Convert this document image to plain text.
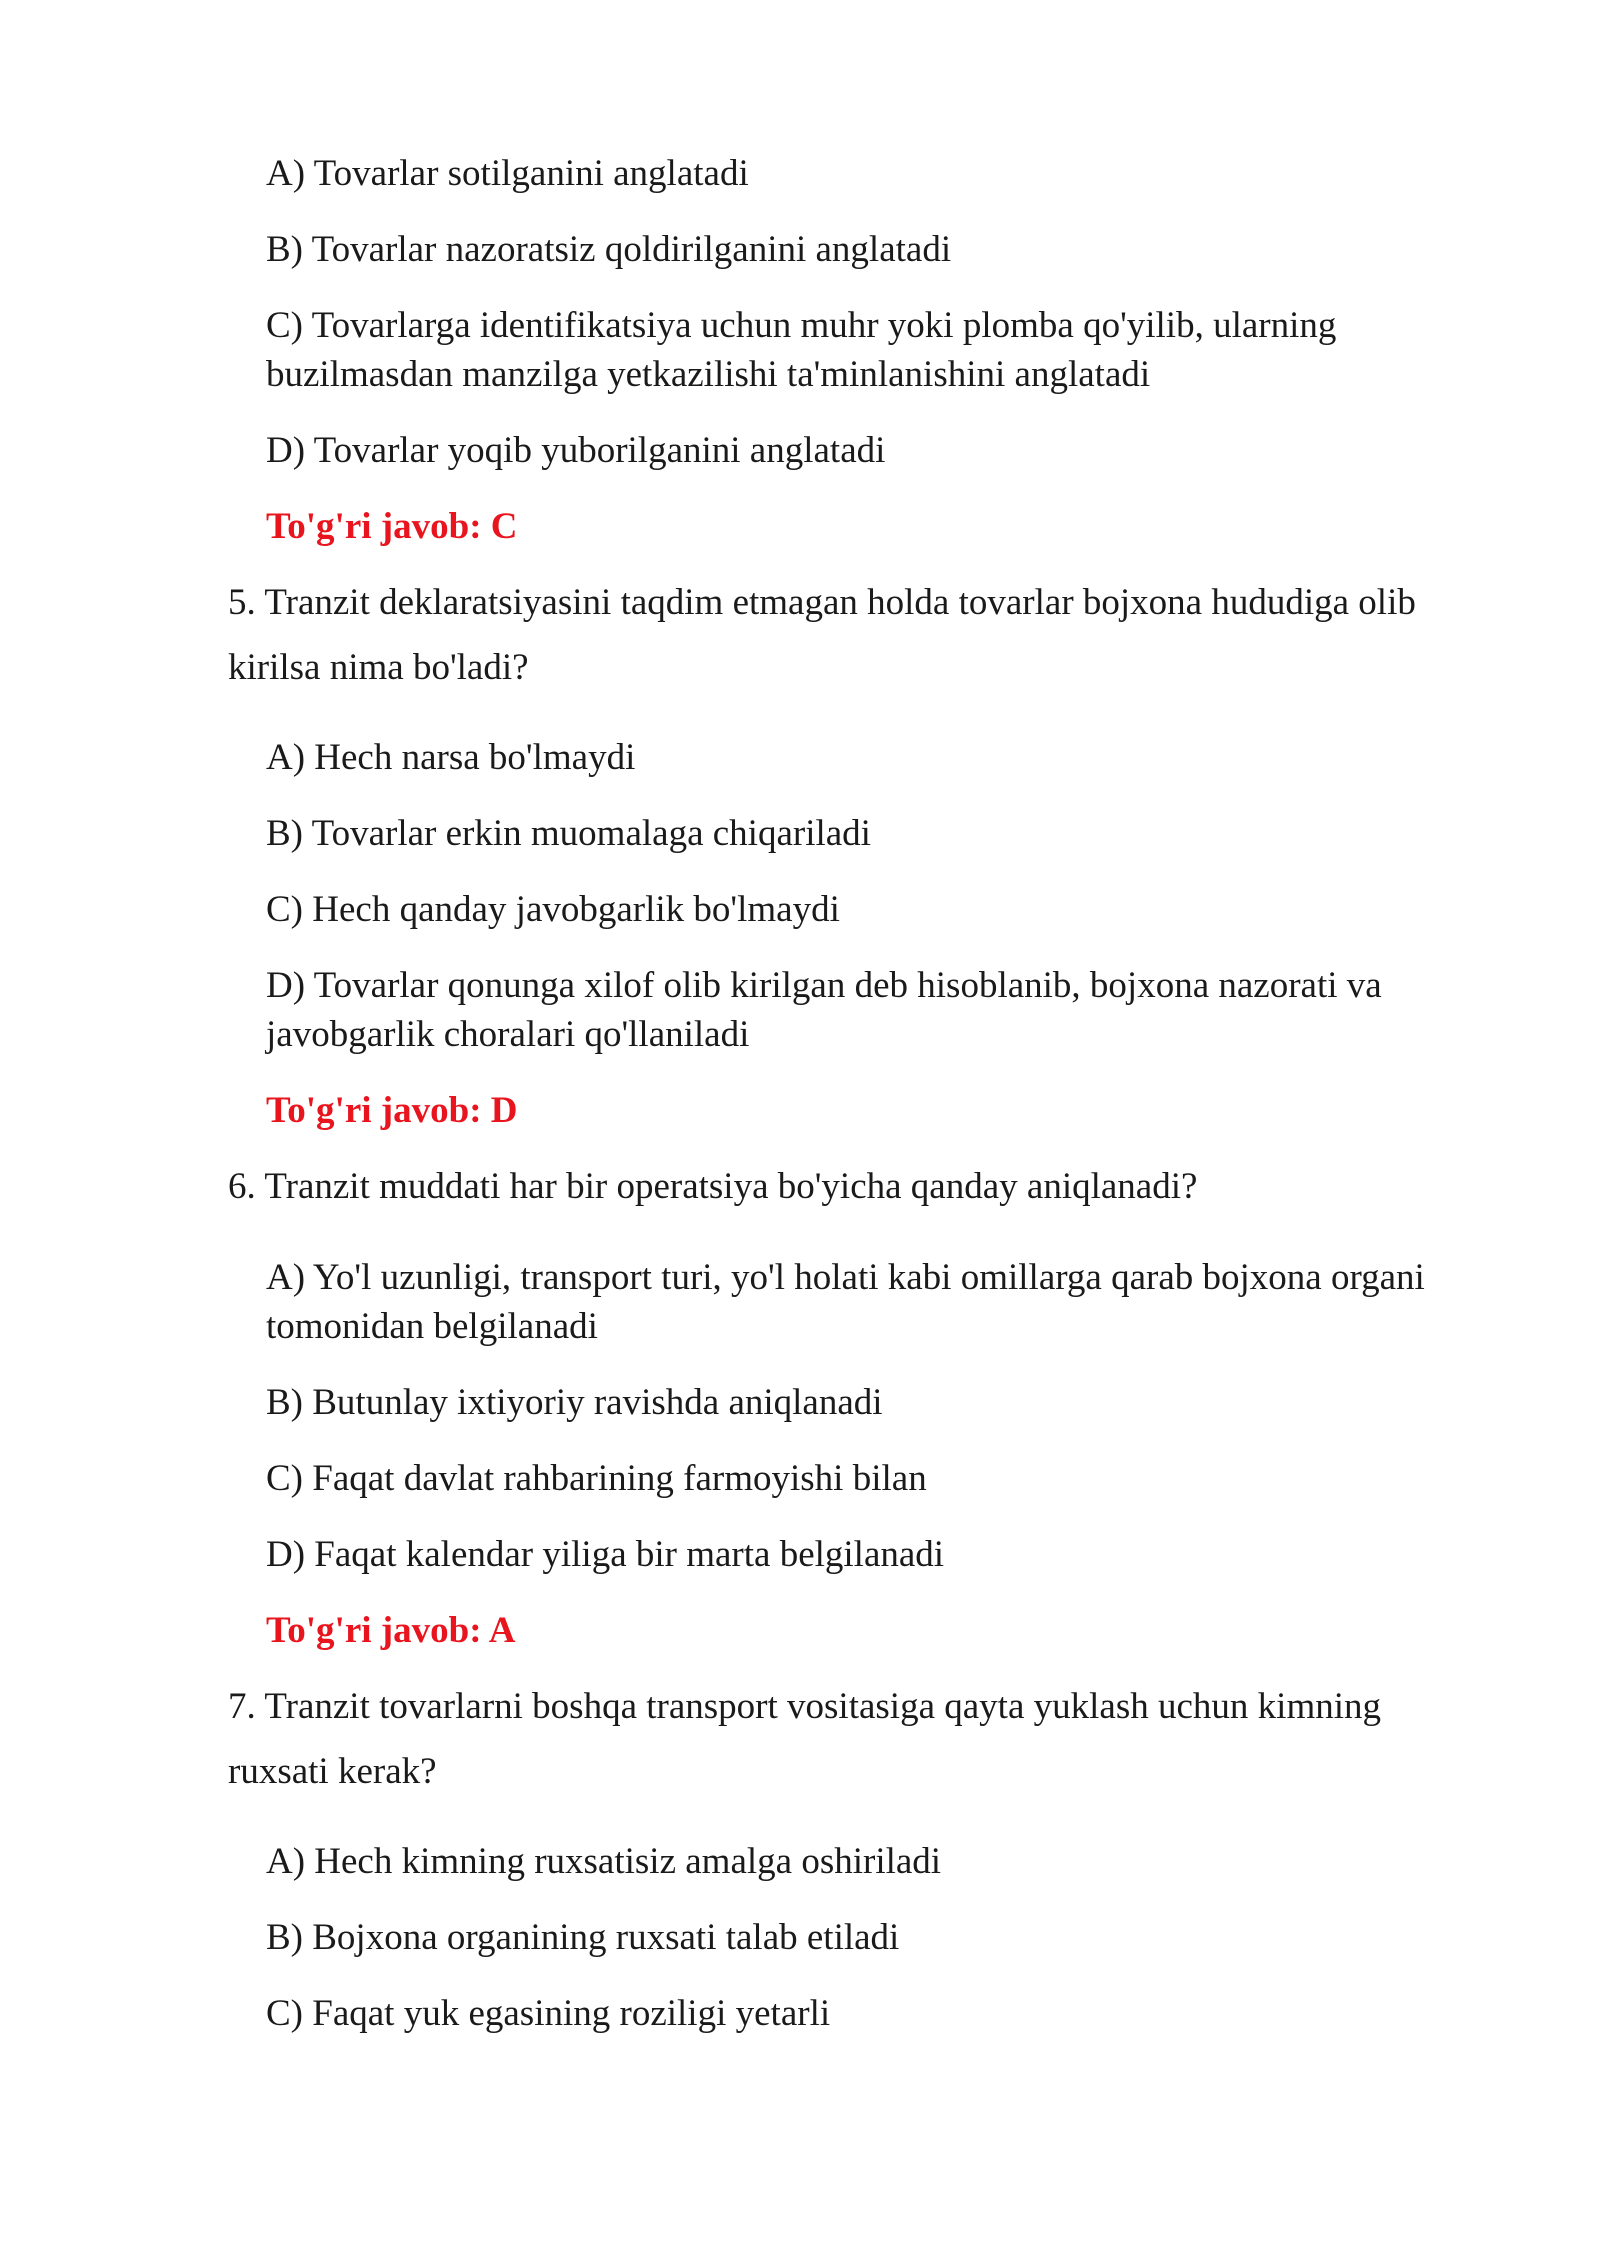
A) Tovarlar sotilganini anglatadi
B) Tovarlar nazoratsiz qoldirilganini anglatadi
C) Tovarlarga identifikatsiya uchun muhr yoki plomba qo'yilib, ularning
buzilmasdan manzilga yetkazilishi ta'minlanishini anglatadi
D) Tovarlar yoqib yuborilganini anglatadi
To'g'ri javob: C
5. Tranzit deklaratsiyasini taqdim etmagan holda tovarlar bojxona hududiga olib
kirilsa nima bo'ladi?
A) Hech narsa bo'lmaydi
B) Tovarlar erkin muomalaga chiqariladi
C) Hech qanday javobgarlik bo'lmaydi
D) Tovarlar qonunga xilof olib kirilgan deb hisoblanib, bojxona nazorati va
javobgarlik choralari qo'llaniladi
To'g'ri javob: D
6. Tranzit muddati har bir operatsiya bo'yicha qanday aniqlanadi?
A) Yo'l uzunligi, transport turi, yo'l holati kabi omillarga qarab bojxona organi
tomonidan belgilanadi
B) Butunlay ixtiyoriy ravishda aniqlanadi
C) Faqat davlat rahbarining farmoyishi bilan
D) Faqat kalendar yiliga bir marta belgilanadi
To'g'ri javob: A
7. Tranzit tovarlarni boshqa transport vositasiga qayta yuklash uchun kimning
ruxsati kerak?
A) Hech kimning ruxsatisiz amalga oshiriladi
B) Bojxona organining ruxsati talab etiladi
C) Faqat yuk egasining roziligi yetarli
